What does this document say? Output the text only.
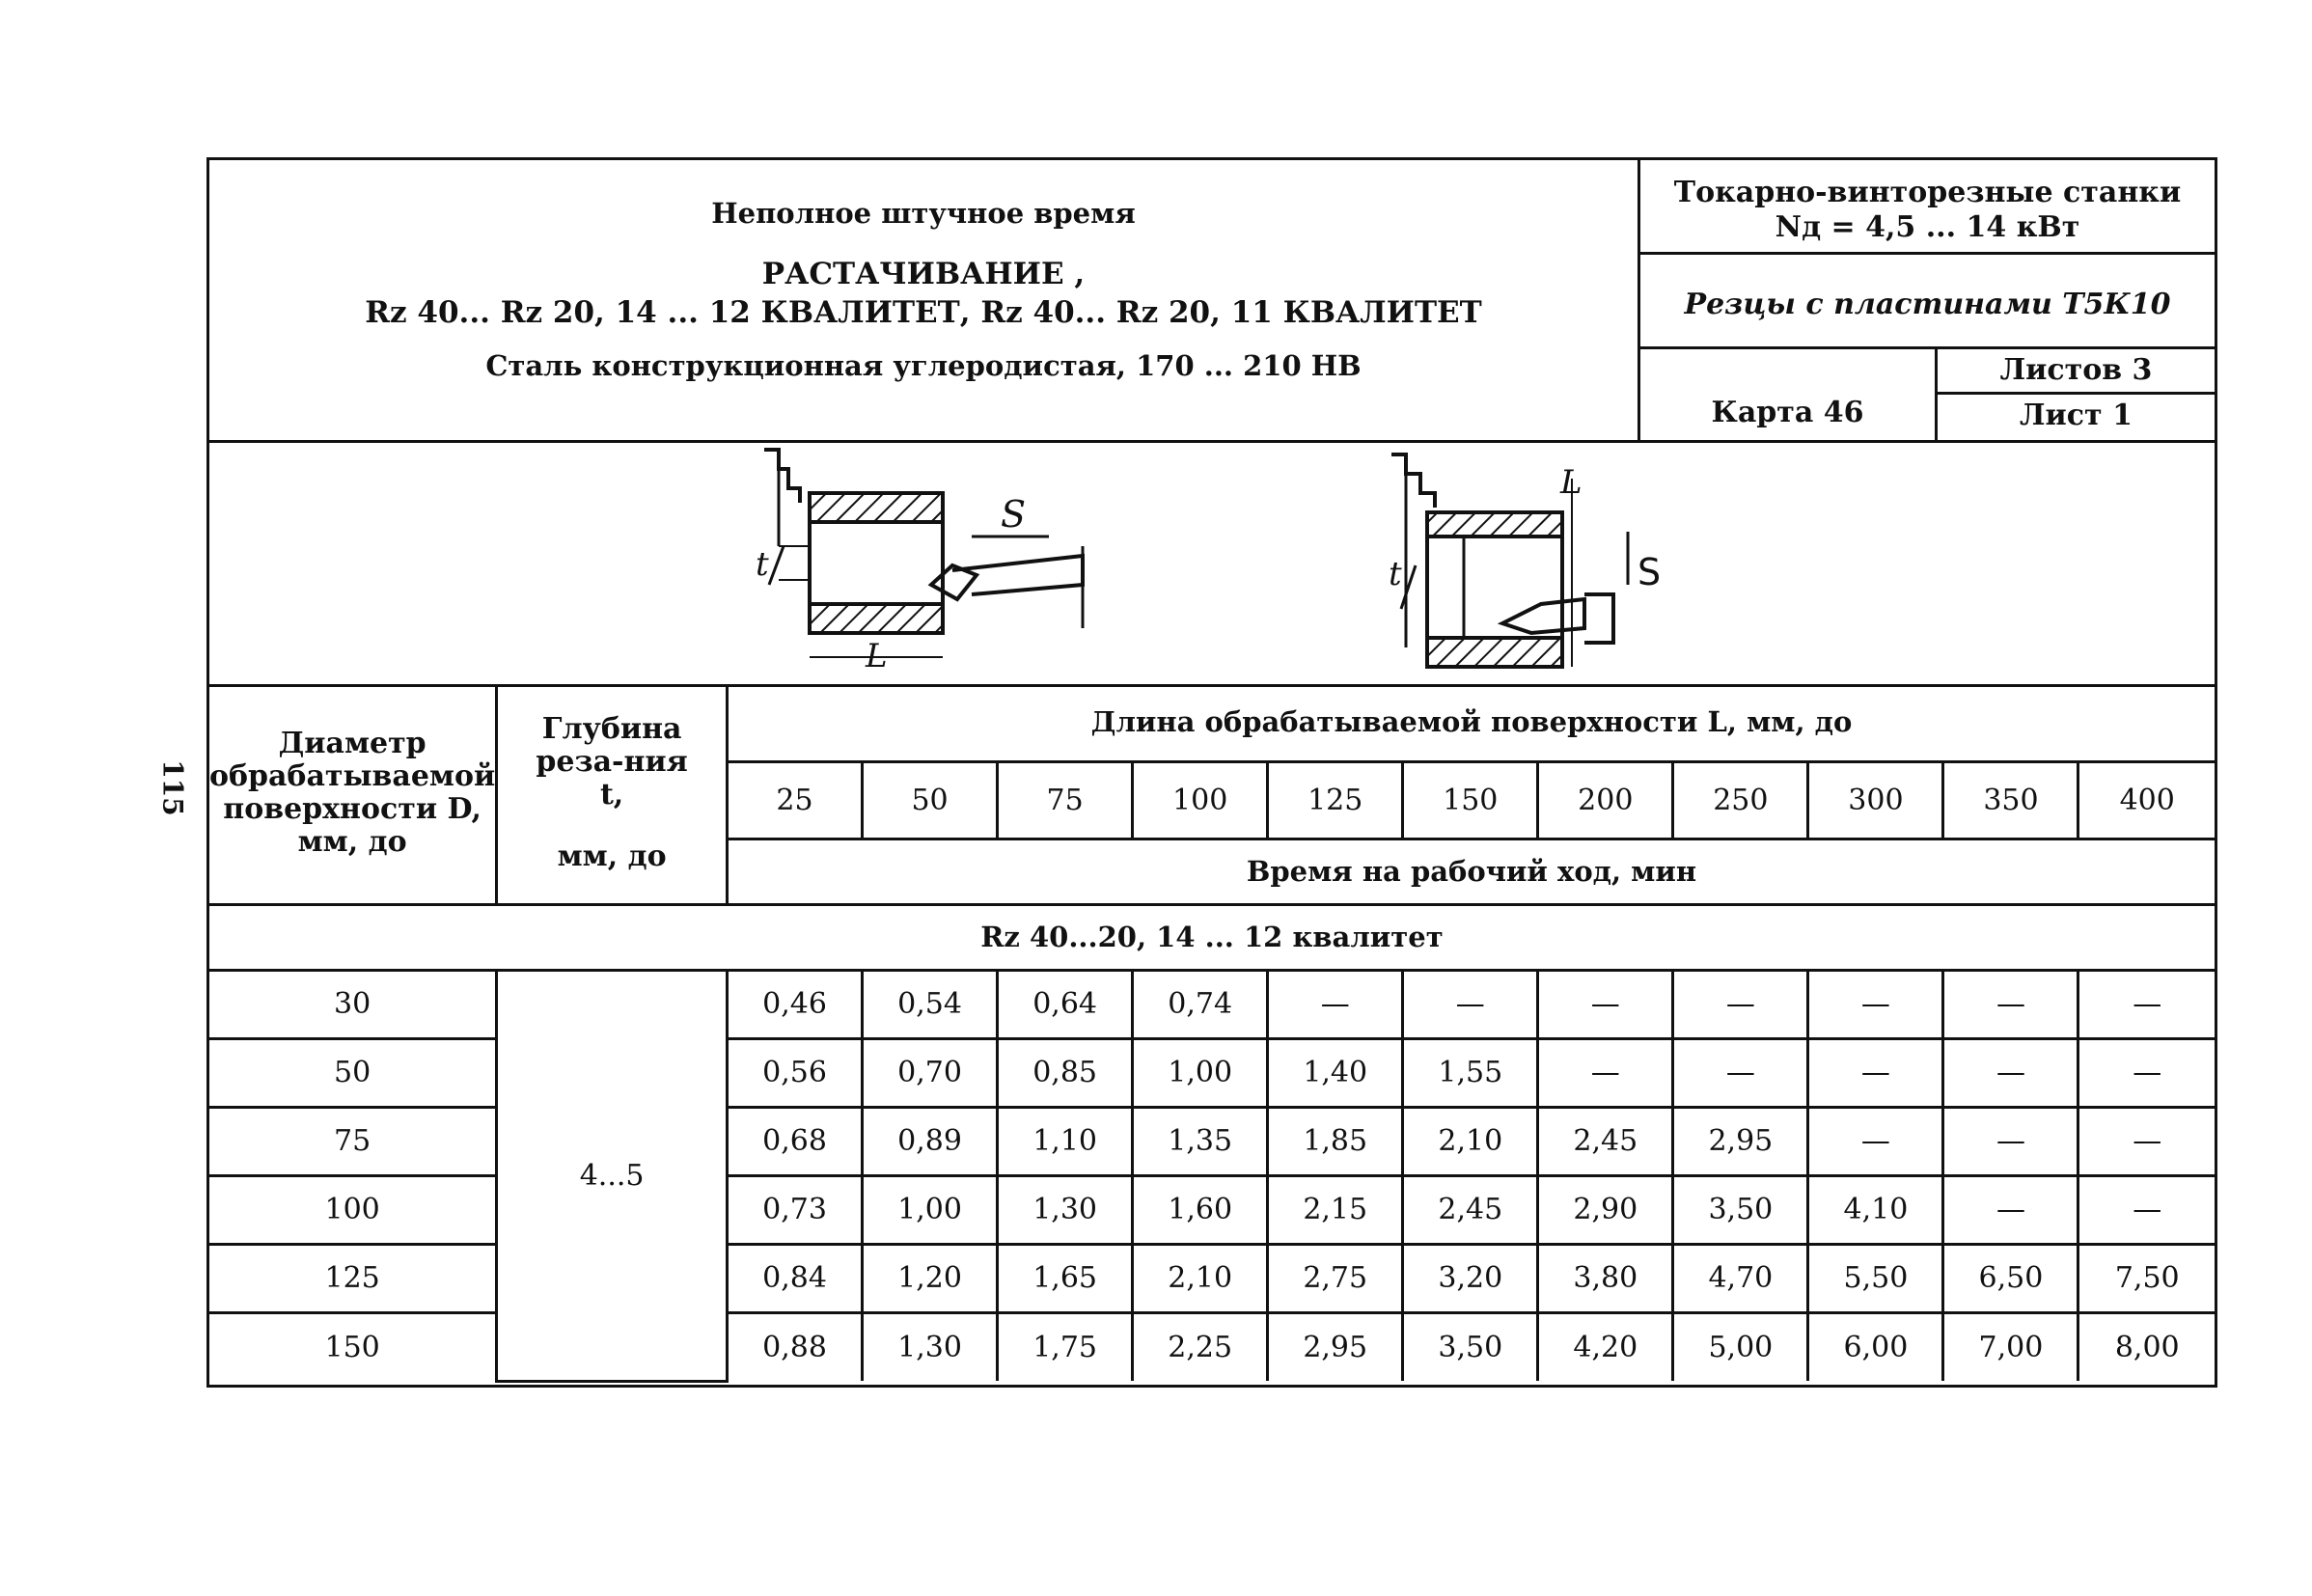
115
Неполное штучное время
РАСТАЧИВАНИЕ ,
Rz 40... Rz 20, 14 ... 12 КВАЛИТЕТ, Rz 40... Rz 20, 11 КВАЛИТЕТ
Сталь конструкционная углеродистая, 170 ... 210 НВ
Токарно-винторезные станки
Nд = 4,5 ... 14 кВт
Резцы с пластинами Т5К10
Карта 46
Листов 3
Лист 1
S
L
t	S
L
t
Диаметр обрабатываемой поверхности D, мм, до	Глубина реза-ния
t,
мм, до	Длина обрабатываемой поверхности L, мм, до										
		25	50	75	100	125	150	200	250	300	350	400
		Время на рабочий ход, мин										
Rz 40...20, 14 ... 12 квалитет												
30	4...5	0,46	0,54	0,64	0,74	—	—	—	—	—	—	—
50		0,56	0,70	0,85	1,00	1,40	1,55	—	—	—	—	—
75		0,68	0,89	1,10	1,35	1,85	2,10	2,45	2,95	—	—	—
100		0,73	1,00	1,30	1,60	2,15	2,45	2,90	3,50	4,10	—	—
125		0,84	1,20	1,65	2,10	2,75	3,20	3,80	4,70	5,50	6,50	7,50
150		0,88	1,30	1,75	2,25	2,95	3,50	4,20	5,00	6,00	7,00	8,00
